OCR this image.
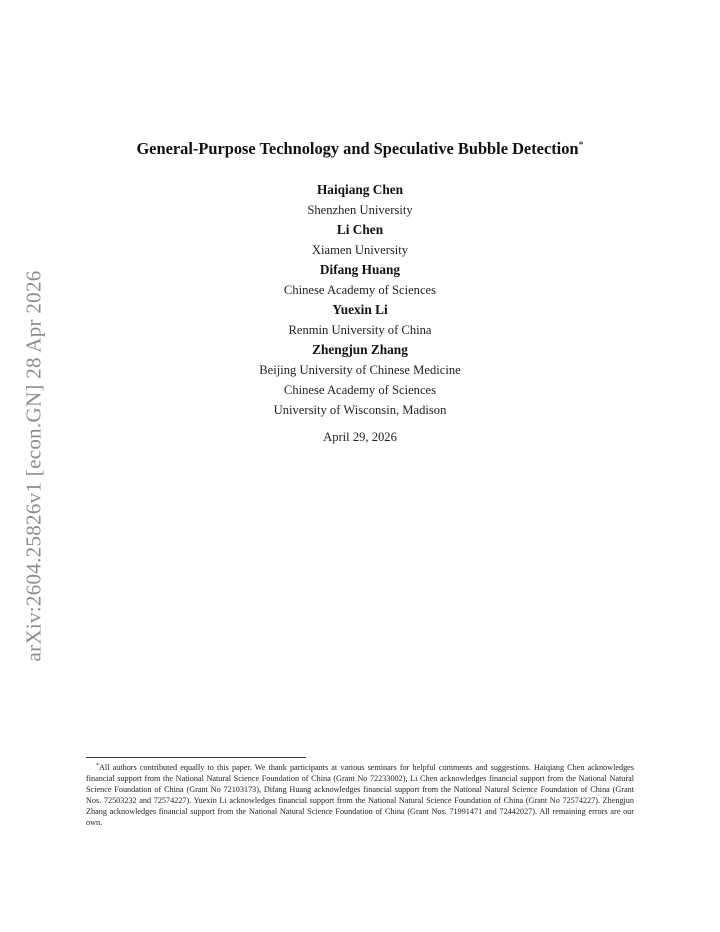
arXiv:2604.25826v1 [econ.GN] 28 Apr 2026
General-Purpose Technology and Speculative Bubble Detection*
Haiqiang Chen
Shenzhen University
Li Chen
Xiamen University
Difang Huang
Chinese Academy of Sciences
Yuexin Li
Renmin University of China
Zhengjun Zhang
Beijing University of Chinese Medicine
Chinese Academy of Sciences
University of Wisconsin, Madison
April 29, 2026
*All authors contributed equally to this paper. We thank participants at various seminars for helpful comments and suggestions. Haiqiang Chen acknowledges financial support from the National Natural Science Foundation of China (Grant No 72233002), Li Chen acknowledges financial support from the National Natural Science Foundation of China (Grant No 72103173), Difang Huang acknowledges financial support from the National Natural Science Foundation of China (Grant Nos. 72503232 and 72574227). Yuexin Li acknowledges financial support from the National Natural Science Foundation of China (Grant No 72574227). Zhengjun Zhang acknowledges financial support from the National Natural Science Foundation of China (Grant Nos. 71991471 and 72442027). All remaining errors are our own.
